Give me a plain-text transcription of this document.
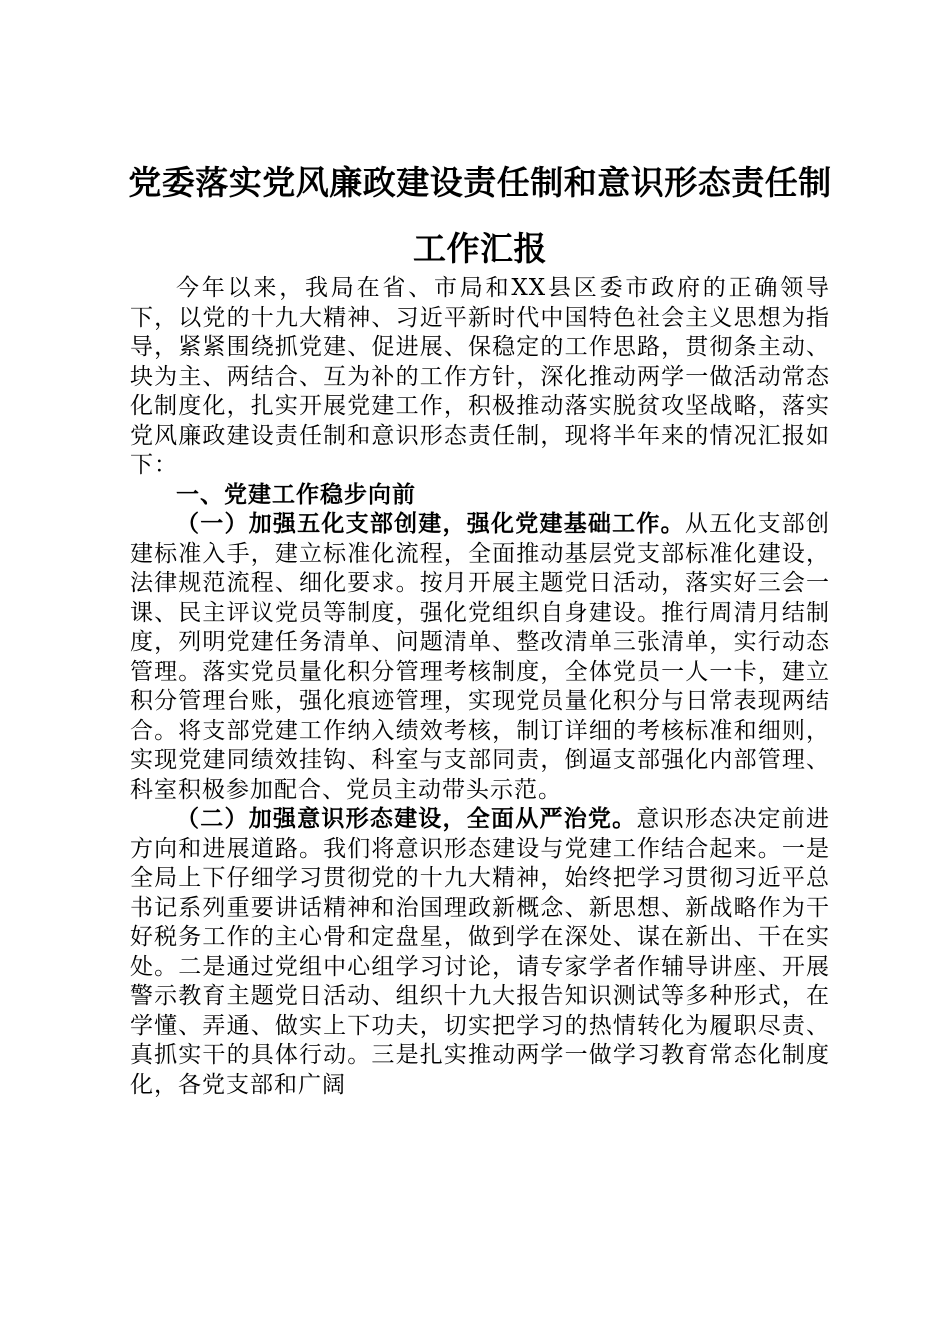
党委落实党风廉政建设责任制和意识形态责任制工作汇报

今年以来，我局在省、市局和XX县区委市政府的正确领导下，以党的十九大精神、习近平新时代中国特色社会主义思想为指导，紧紧围绕抓党建、促进展、保稳定的工作思路，贯彻条主动、块为主、两结合、互为补的工作方针，深化推动两学一做活动常态化制度化，扎实开展党建工作，积极推动落实脱贫攻坚战略，落实党风廉政建设责任制和意识形态责任制，现将半年来的情况汇报如下：

一、党建工作稳步向前

（一）加强五化支部创建，强化党建基础工作。从五化支部创建标准入手，建立标准化流程，全面推动基层党支部标准化建设，法律规范流程、细化要求。按月开展主题党日活动，落实好三会一课、民主评议党员等制度，强化党组织自身建设。推行周清月结制度，列明党建任务清单、问题清单、整改清单三张清单，实行动态管理。落实党员量化积分管理考核制度，全体党员一人一卡，建立积分管理台账，强化痕迹管理，实现党员量化积分与日常表现两结合。将支部党建工作纳入绩效考核，制订详细的考核标准和细则，实现党建同绩效挂钩、科室与支部同责，倒逼支部强化内部管理、科室积极参加配合、党员主动带头示范。

（二）加强意识形态建设，全面从严治党。意识形态决定前进方向和进展道路。我们将意识形态建设与党建工作结合起来。一是全局上下仔细学习贯彻党的十九大精神，始终把学习贯彻习近平总书记系列重要讲话精神和治国理政新概念、新思想、新战略作为干好税务工作的主心骨和定盘星，做到学在深处、谋在新出、干在实处。二是通过党组中心组学习讨论，请专家学者作辅导讲座、开展警示教育主题党日活动、组织十九大报告知识测试等多种形式，在学懂、弄通、做实上下功夫，切实把学习的热情转化为履职尽责、真抓实干的具体行动。三是扎实推动两学一做学习教育常态化制度化，各党支部和广阔
